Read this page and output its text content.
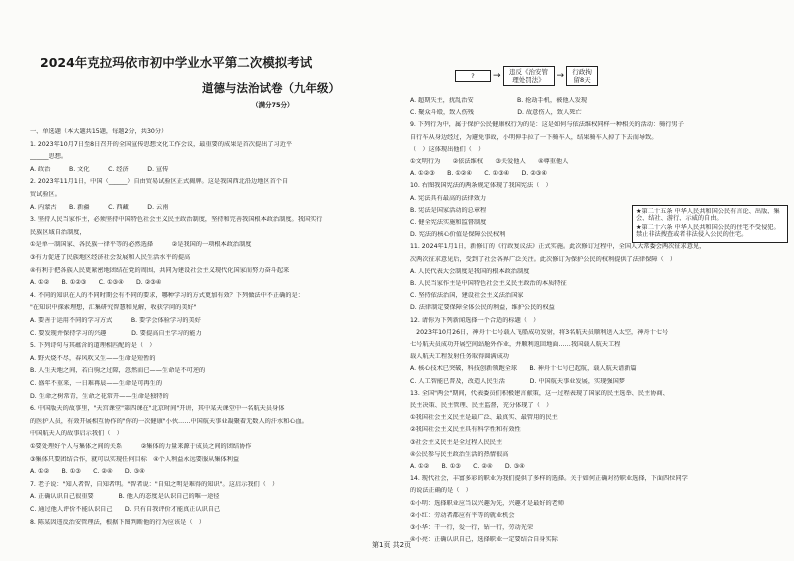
2024年克拉玛依市初中学业水平第二次模拟考试
道德与法治试卷（九年级）
（满分75分）
一、单选题（本大题共15题，每题2分，共30分）
1. 2023年10月7日至8日召开的全国宣传思想文化工作会议，最重要的成果是首次提出了习近平
______思想。
A. 政治　　　B. 文化　　　C. 经济　　　D. 宣传
2. 2023年11月1日，中国（______）自由贸易试验区正式揭牌。这是我国西北沿边地区首个自
贸试验区。
A. 内蒙古　　B. 新疆　　　C. 西藏　　　D. 云南
3. 坚持人民当家作主，必须坚持中国特色社会主义民主政治制度，坚持和完善我国根本政治制度。我国实行
民族区域自治制度，
①是单一制国家、各民族一律平等的必然选择　　　②是我国的一项根本政治制度
③有力促进了民族地区经济社会发展和人民生活水平的提高
④有利于把各族人民更紧密地团结在党的周围，共同为建设社会主义现代化国家而努力奋斗起来
A. ①②　　B. ①②③　　C. ①③④　　D. ②③④
4. 不同的知识在人的不同时期会有不同的要求，哪种学习的方式更加有效？下列做法中不正确的是：
"在知识中探索理想，汇集研究智慧和见解，收获学问的美好"
A. 要善于运用不同的学习方式　　　B. 要学会体验学习的美好
C. 要发现并保持学习的兴趣　　　　D. 要提高自主学习的能力
5. 下列诗句与其蕴含的道理相匹配的是（　）
A. 野火烧不尽，春风吹又生——生命是短暂的
B. 人生天地之间，若白驹之过隙，忽然而已——生命是不可逆的
C. 盛年不重来，一日难再晨——生命是可再生的
D. 生命之树常青，生命之花常开——生命是独特的
6. 中国版天的故事里，"天宫课堂"第四课在"北京时间"开讲，其中某天课堂中一名航天员身体
的医护人员，有效开展相互协作的"你的一次健康"小伙……中国航天事业凝聚着无数人的汗水和心血。
中国航天人的故事启示我们（　）
①要处理好个人与集体之间的关系　　　②集体的力量来源于成员之间的团结协作
③集体只要团结合作，就可以实现任何目标　④个人利益永远要服从集体利益
A. ①②　　B. ①③　　C. ②④　　D. ③④
7. 老子说："知人者智，自知者明。"智者说："自知之明是难得的知识"。这启示我们（　）
A. 正确认识自己很重要　　　　B. 他人的态度是认识自己的唯一途径
C. 通过他人评价不能认识自己　　D. 只有自我评价才能真正认识自己
8. 陈某因违反治安管理法，根据下图判断他的行为应该是（　）
?	→	违反《治安管理处罚法》	→	行政拘留8天
A. 超期失主，扰乱治安　　　　　　　B. 抢劫手机，被他人发现
C. 聚众斗殴，致人伤残　　　　　　　D. 故意伤人，致人死亡
9. 下列行为中，属于保护公民健康权行为的是：这是如何与依法维权同样一种相关的活动：骑行男子
自行车从身边经过，为避免事故，小明伸手拉了一下骑车人，结果骑车人掉了下去而导致。
（　）这体现出他们（　）
①文明行为　　②依法维权　　③关爱他人　　④尊重他人
A. ①②③　　B. ①②④　　C. ①③④　　D. ②③④
10. 右图我国宪法的两条规定体现了我国宪法（　）
A. 宪法具有最高的法律效力
B. 宪法是国家活动的总章程
C. 健全宪法实施和监督制度
D. 宪法的核心价值是保障公民权利
11. 2024年1月1日，新修订的《行政复议法》正式实施。此次修订过程中，全国人大常委会两次征求意见，
次两次征求意见后，受到了社会各界广泛关注。此次修订为保护公民的权利提供了法律保障（　）
A. 人民代表大会制度是我国的根本政治制度
B. 人民当家作主是中国特色社会主义民主政治的本质特征
C. 坚持依法治国，建设社会主义法治国家
D. 法律制定要保障全体公民的利益，维护公民的权益
12. 请你为下列新闻选择一个合适的标题（　）
　2023年10月26日，神舟十七号载人飞船成功发射，将3名航天员顺利送入太空，神舟十七号
七号航天员成功开展空间站舱外作业，并顺利返回地面……我国载人航天工程
载人航天工程发射任务取得圆满成功
A. 核心技术已突破，科技创新领跑全球　　B. 神舟十七号已起航，载人航天谱新篇
C. 人工智能已普及，改造人民生活　　　　D. 中国航天事业发展，实现强国梦
13. 全国"两会"期间，代表委员们积极建言献策，这一过程表现了国家的民主选举、民主协商、
民主决策、民主管理、民主监督，充分体现了（　）
①我国社会主义民主是最广泛、最真实、最管用的民主
②我国社会主义民主具有科学性和有效性
③社会主义民主是全过程人民民主
④公民参与民主政治生活的热情很高
A. ①②　　B. ①③　　C. ②④　　D. ③④
14. 现代社会，丰富多彩的职业为我们提供了多样的选择。关于如何正确对待职业选择，下面四位同学
的说法正确的是（　）
①小明：选择职业应当以兴趣为先，兴趣才是最好的老师
②小红：劳动者都应有平等的就业机会
③小华：干一行，爱一行，钻一行，劳动光荣
④小亮：正确认识自己，选择职业一定要结合自身实际
★第二十五条 中华人民共和国公民有言论、出版、集会、结社、游行、示威的自由。
★第二十六条 中华人民共和国公民的住宅不受侵犯。禁止非法搜查或者非法侵入公民的住宅。
第1页 共2页
